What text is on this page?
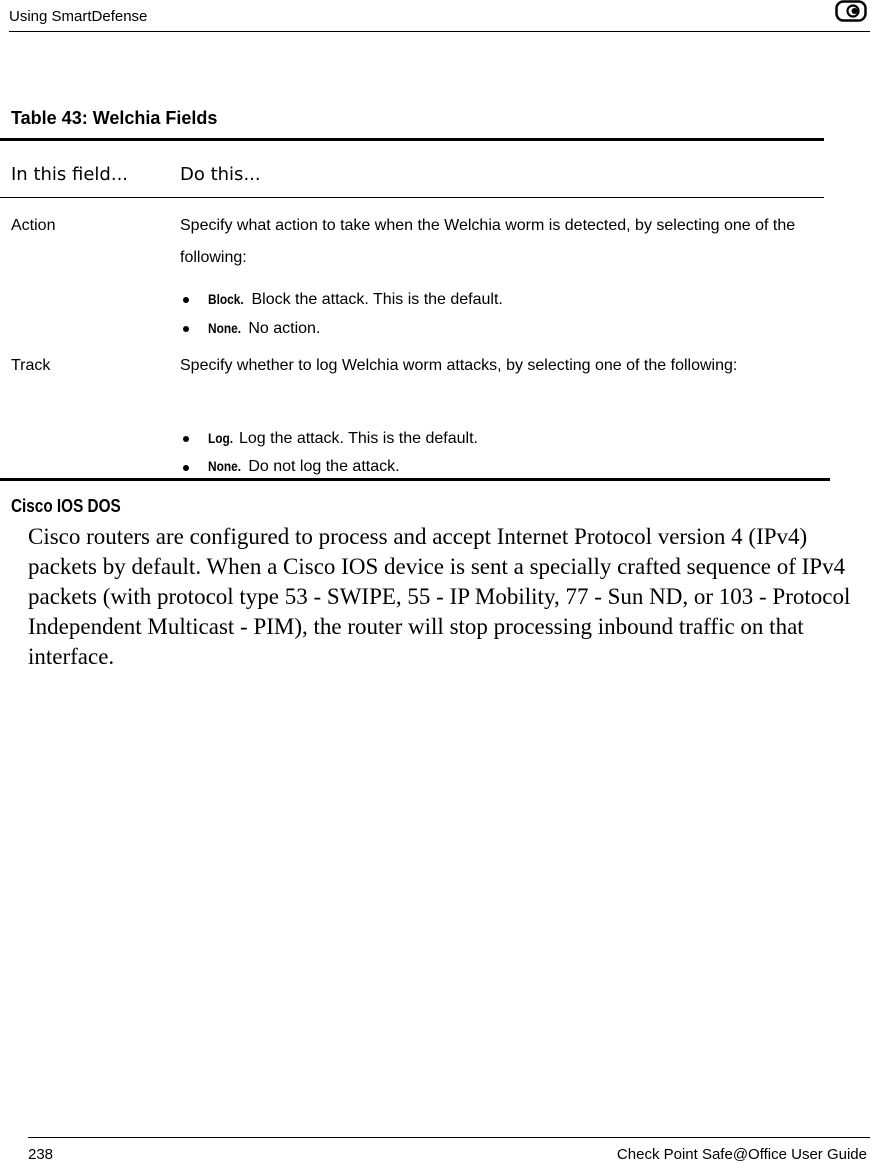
Using SmartDefense
Table 43: Welchia Fields
In this field...	Do this...
Action	Specify what action to take when the Welchia worm is detected, by selecting one of the following:
Block. Block the attack. This is the default.
None. No action.
Track	Specify whether to log Welchia worm attacks, by selecting one of the following:
Log. Log the attack. This is the default.
None. Do not log the attack.
Cisco IOS DOS

Cisco routers are configured to process and accept Internet Protocol version 4 (IPv4) packets by default. When a Cisco IOS device is sent a specially crafted sequence of IPv4 packets (with protocol type 53 - SWIPE, 55 - IP Mobility, 77 - Sun ND, or 103 - Protocol Independent Multicast - PIM), the router will stop processing inbound traffic on that interface.

238	Check Point Safe@Office User Guide
